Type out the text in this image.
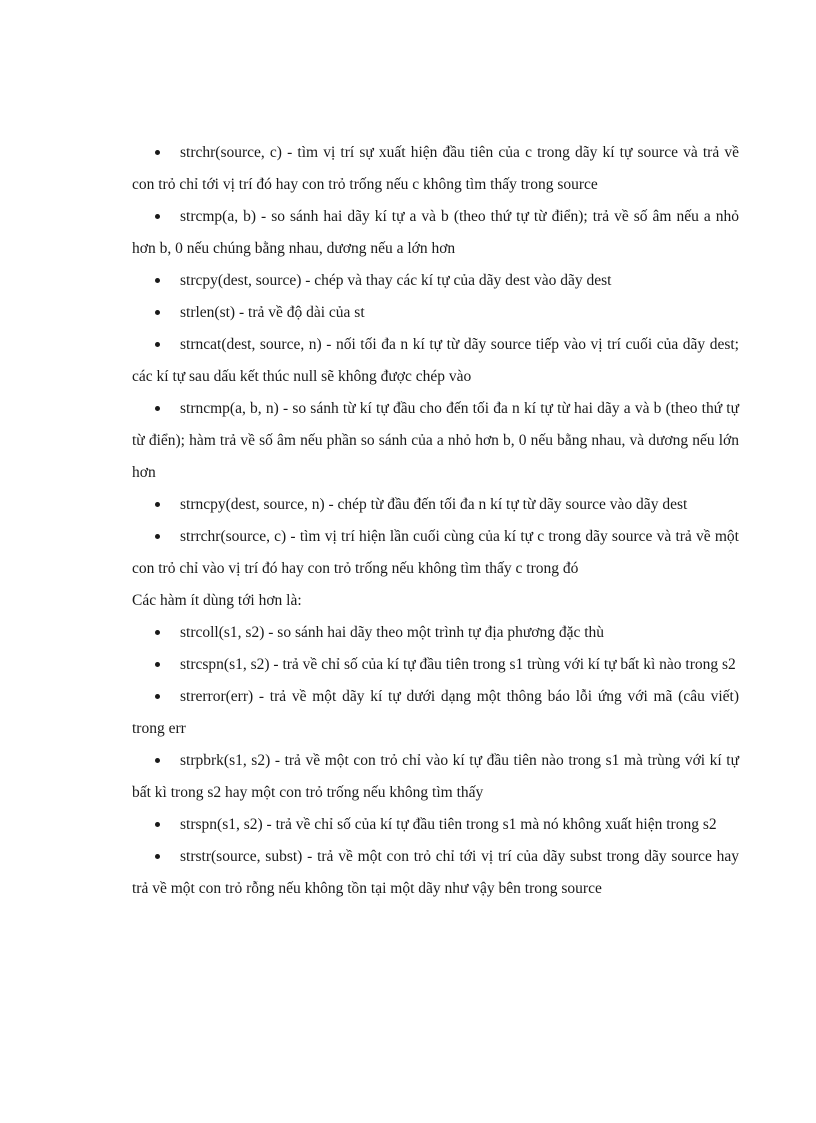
strchr(source, c) - tìm vị trí sự xuất hiện đầu tiên của c trong dãy kí tự source và trả về con trỏ chỉ tới vị trí đó hay con trỏ trống nếu c không tìm thấy trong source
strcmp(a, b) - so sánh hai dãy kí tự a và b (theo thứ tự từ điển); trả về số âm nếu a nhỏ hơn b, 0 nếu chúng bằng nhau, dương nếu a lớn hơn
strcpy(dest, source) - chép và thay các kí tự của dãy dest vào dãy dest
strlen(st) - trả về độ dài của st
strncat(dest, source, n) - nối tối đa n kí tự từ dãy source tiếp vào vị trí cuối của dãy dest; các kí tự sau dấu kết thúc null sẽ không được chép vào
strncmp(a, b, n) - so sánh từ kí tự đầu cho đến tối đa n kí tự từ hai dãy a và b (theo thứ tự từ điển); hàm trả về số âm nếu phần so sánh của a nhỏ hơn b, 0 nếu bằng nhau, và dương nếu lớn hơn
strncpy(dest, source, n) - chép từ đầu đến tối đa n kí tự từ dãy source vào dãy dest
strrchr(source, c) - tìm vị trí hiện lần cuối cùng của kí tự c trong dãy source và trả về một con trỏ chỉ vào vị trí đó hay con trỏ trống nếu không tìm thấy c trong đó
Các hàm ít dùng tới hơn là:
strcoll(s1, s2) - so sánh hai dãy theo một trình tự địa phương đặc thù
strcspn(s1, s2) - trả về chỉ số của kí tự đầu tiên trong s1 trùng với kí tự bất kì nào trong s2
strerror(err) - trả về một dãy kí tự dưới dạng một thông báo lỗi ứng với mã (câu viết) trong err
strpbrk(s1, s2) - trả về một con trỏ chỉ vào kí tự đầu tiên nào trong s1 mà trùng với kí tự bất kì trong s2 hay một con trỏ trống nếu không tìm thấy
strspn(s1, s2) - trả về chỉ số của kí tự đầu tiên trong s1 mà nó không xuất hiện trong s2
strstr(source, subst) - trả về một con trỏ chỉ tới vị trí của dãy subst trong dãy source hay trả về một con trỏ rỗng nếu không tồn tại một dãy như vậy bên trong source
